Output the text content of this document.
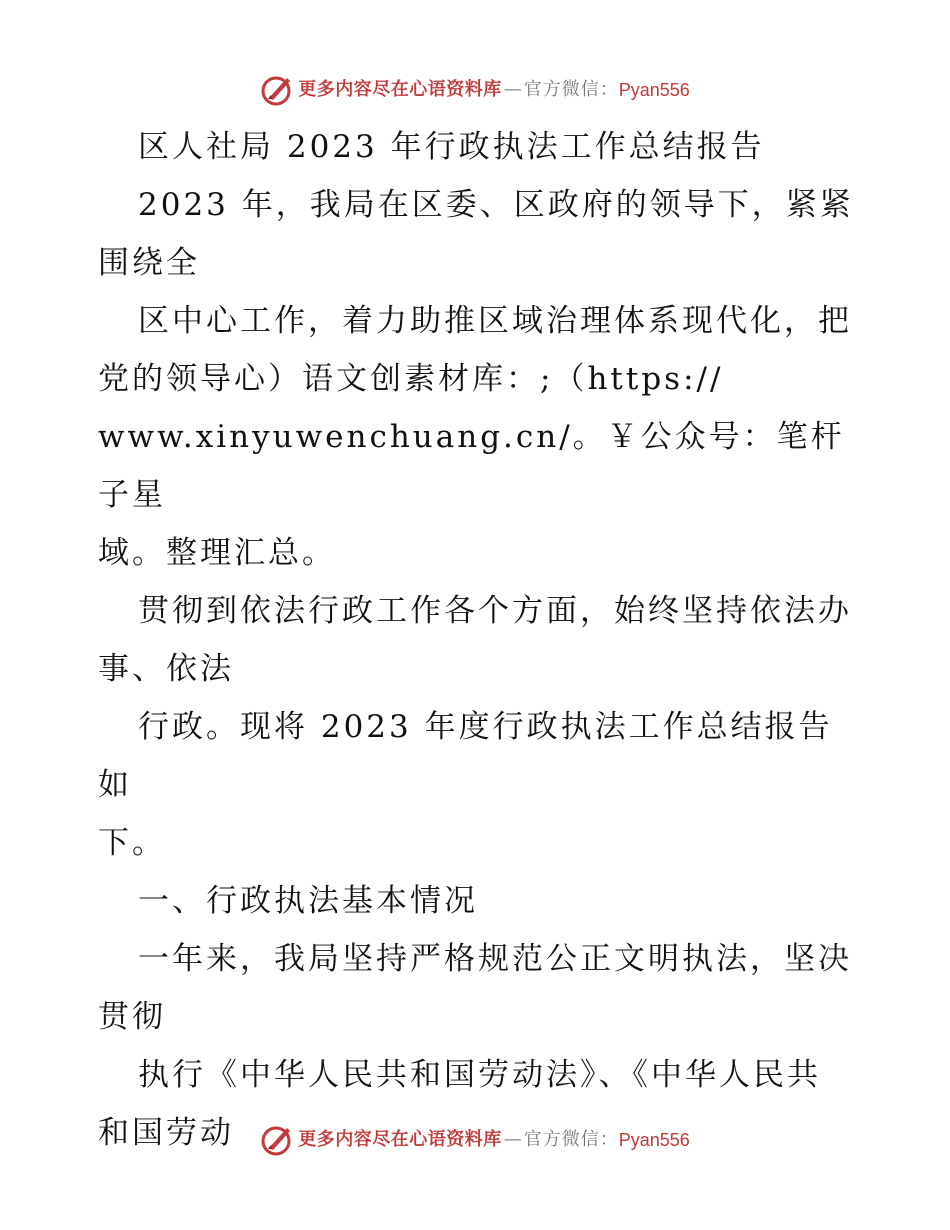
更多内容尽在心语资料库 — 官方微信： Pyan556

区人社局 2023 年行政执法工作总结报告

2023 年，我局在区委、区政府的领导下，紧紧

围绕全

区中心工作，着力助推区域治理体系现代化，把

党的领导心）语文创素材库：;（https://

www.xinyuwenchuang.cn/。￥公众号：笔杆子星

域。整理汇总。

贯彻到依法行政工作各个方面，始终坚持依法办

事、依法

行政。现将 2023 年度行政执法工作总结报告如

下。

一、行政执法基本情况

一年来，我局坚持严格规范公正文明执法，坚决

贯彻

执行《中华人民共和国劳动法》、《中华人民共

和国劳动	更多内容尽在心语资料库 — 官方微信： Pyan556
